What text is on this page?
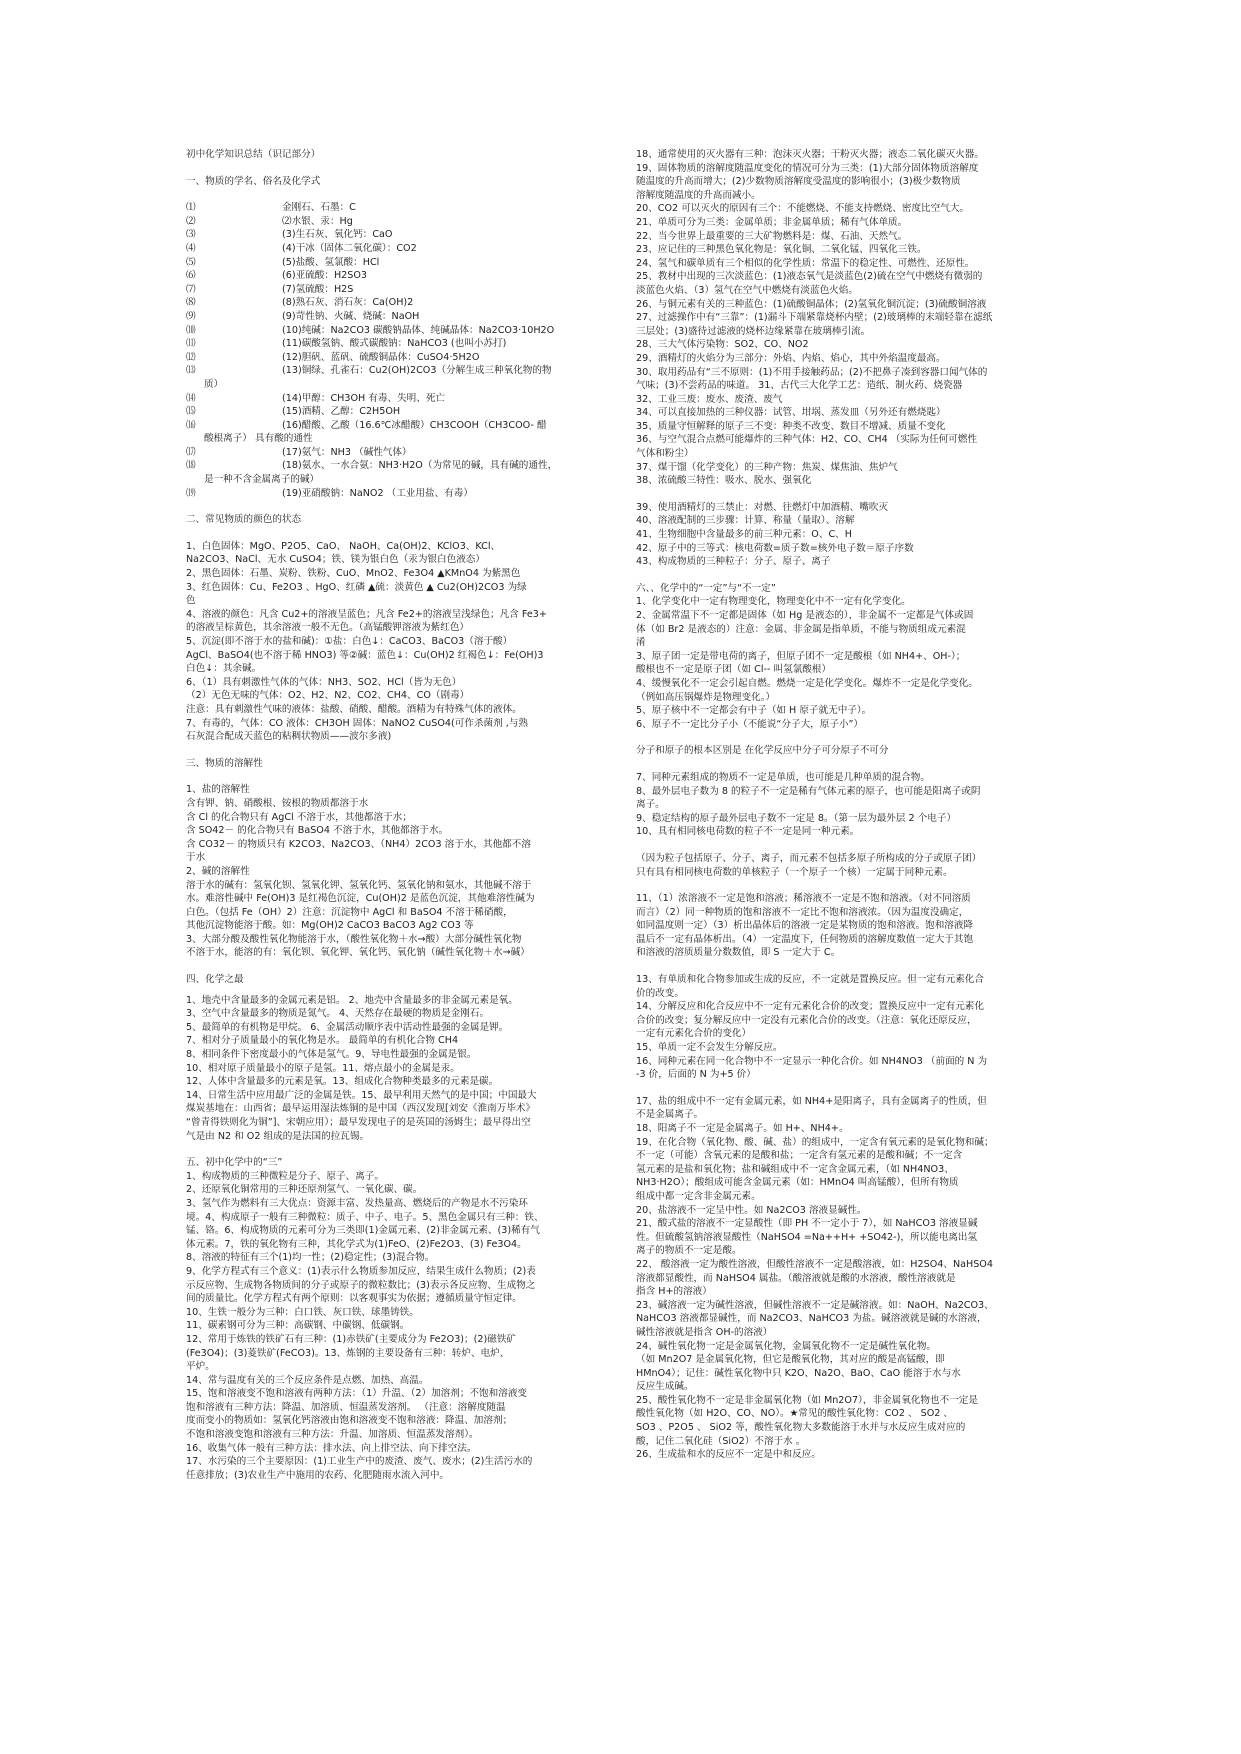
初中化学知识总结（识记部分）

一、物质的学名、俗名及化学式

⑴	金刚石、石墨：C
⑵	⑵水银、汞：Hg
⑶	(3)生石灰、氧化钙：CaO
⑷	(4)干冰（固体二氧化碳）：CO2
⑸	(5)盐酸、氢氯酸：HCl
⑹	(6)亚硫酸：H2SO3
⑺	(7)氢硫酸：H2S
⑻	(8)熟石灰、消石灰：Ca(OH)2
⑼	(9)苛性钠、火碱、烧碱：NaOH
⑽	(10)纯碱：Na2CO3 碳酸钠晶体、纯碱晶体：Na2CO3·10H2O
⑾	(11)碳酸氢钠、酸式碳酸钠：NaHCO3 (也叫小苏打)
⑿	(12)胆矾、蓝矾、硫酸铜晶体：CuSO4·5H2O
⒀	(13)铜绿、孔雀石：Cu2(OH)2CO3（分解生成三种氧化物的物

质）

⒁	(14)甲醇：CH3OH 有毒、失明、死亡
⒂	(15)酒精、乙醇：C2H5OH
⒃	(16)醋酸、乙酸（16.6℃冰醋酸）CH3COOH（CH3COO- 醋

酸根离子） 具有酸的通性

⒄	(17)氨气：NH3 （碱性气体）
⒅	(18)氨水、一水合氨：NH3·H2O（为常见的碱，具有碱的通性，

是一种不含金属离子的碱）

⒆	(19)亚硝酸钠：NaNO2 （工业用盐、有毒）

二、常见物质的颜色的状态

1、白色固体：MgO、P2O5、CaO、 NaOH、Ca(OH)2、KClO3、KCl、

Na2CO3、NaCl、无水 CuSO4；铁、镁为银白色（汞为银白色液态）

2、黑色固体：石墨、炭粉、铁粉、CuO、MnO2、Fe3O4 ▲KMnO4 为紫黑色

3、红色固体：Cu、Fe2O3 、HgO、红磷 ▲硫：淡黄色 ▲ Cu2(OH)2CO3 为绿

色

4、溶液的颜色：凡含 Cu2+的溶液呈蓝色；凡含 Fe2+的溶液呈浅绿色；凡含 Fe3+

的溶液呈棕黄色，其余溶液一般不无色。（高锰酸钾溶液为紫红色）

5、沉淀(即不溶于水的盐和碱)：①盐：白色↓：CaCO3、BaCO3（溶于酸）

AgCl、BaSO4(也不溶于稀 HNO3) 等②碱：蓝色↓：Cu(OH)2 红褐色↓：Fe(OH)3

白色↓：其余碱。

6、（1）具有刺激性气体的气体：NH3、SO2、HCl（皆为无色）

（2）无色无味的气体：O2、H2、N2、CO2、CH4、CO（剧毒）

注意：具有刺激性气味的液体：盐酸、硝酸、醋酸。酒精为有特殊气体的液体。

7、有毒的，气体：CO 液体：CH3OH 固体：NaNO2 CuSO4(可作杀菌剂 ,与熟

石灰混合配成天蓝色的粘稠状物质——波尔多液)

三、物质的溶解性

1、盐的溶解性

含有钾、钠、硝酸根、铵根的物质都溶于水

含 Cl 的化合物只有 AgCl 不溶于水，其他都溶于水；

含 SO42－ 的化合物只有 BaSO4 不溶于水，其他都溶于水。

含 CO32－ 的物质只有 K2CO3、Na2CO3、（NH4）2CO3 溶于水，其他都不溶

于水

2、碱的溶解性

溶于水的碱有：氢氧化钡、氢氧化钾、氢氧化钙、氢氧化钠和氨水，其他碱不溶于

水。难溶性碱中 Fe(OH)3 是红褐色沉淀，Cu(OH)2 是蓝色沉淀，其他难溶性碱为

白色。（包括 Fe（OH）2）注意：沉淀物中 AgCl 和 BaSO4 不溶于稀硝酸，

其他沉淀物能溶于酸。如：Mg(OH)2 CaCO3 BaCO3 Ag2 CO3 等

3、大部分酸及酸性氧化物能溶于水，（酸性氧化物＋水→酸）大部分碱性氧化物

不溶于水，能溶的有：氧化钡、氧化钾、氧化钙、氧化钠（碱性氧化物＋水→碱）

四、化学之最

1、地壳中含量最多的金属元素是铝。 2、地壳中含量最多的非金属元素是氧。

3、空气中含量最多的物质是氮气。 4、天然存在最硬的物质是金刚石。

5、最简单的有机物是甲烷。 6、金属活动顺序表中活动性最强的金属是钾。

7、相对分子质量最小的氧化物是水。 最简单的有机化合物 CH4

8、相同条件下密度最小的气体是氢气。9、导电性最强的金属是银。

10、相对原子质量最小的原子是氢。11、熔点最小的金属是汞。

12、人体中含量最多的元素是氧。13、组成化合物种类最多的元素是碳。

14、日常生活中应用最广泛的金属是铁。15、最早利用天然气的是中国；中国最大

煤炭基地在：山西省；最早运用湿法炼铜的是中国（西汉发现[刘安《淮南万毕术》

“曾青得铁则化为铜”]、宋朝应用）；最早发现电子的是英国的汤姆生；最早得出空

气是由 N2 和 O2 组成的是法国的拉瓦锡。

五、初中化学中的“三”

1、构成物质的三种微粒是分子、原子、离子。

2、还原氧化铜常用的三种还原剂氢气、一氧化碳、碳。

3、氢气作为燃料有三大优点：资源丰富、发热量高、燃烧后的产物是水不污染环

境。4、构成原子一般有三种微粒：质子、中子、电子。5、黑色金属只有三种：铁、

锰、铬。6、构成物质的元素可分为三类即(1)金属元素、(2)非金属元素、(3)稀有气

体元素。7，铁的氧化物有三种，其化学式为(1)FeO、(2)Fe2O3、(3) Fe3O4。

8、溶液的特征有三个(1)均一性；(2)稳定性；(3)混合物。

9、化学方程式有三个意义：(1)表示什么物质参加反应，结果生成什么物质；(2)表

示反应物、生成物各物质间的分子或原子的微粒数比；(3)表示各反应物、生成物之

间的质量比。化学方程式有两个原则：以客观事实为依据；遵循质量守恒定律。

10、生铁一般分为三种：白口铁、灰口铁、球墨铸铁。

11、碳素钢可分为三种：高碳钢、中碳钢、低碳钢。

12、常用于炼铁的铁矿石有三种：(1)赤铁矿(主要成分为 Fe2O3)；(2)磁铁矿

(Fe3O4)；(3)菱铁矿(FeCO3)。13、炼钢的主要设备有三种：转炉、电炉、

平炉。

14、常与温度有关的三个反应条件是点燃、加热、高温。

15、饱和溶液变不饱和溶液有两种方法：（1）升温、（2）加溶剂；不饱和溶液变

饱和溶液有三种方法：降温、加溶质、恒温蒸发溶剂。 （注意：溶解度随温

度而变小的物质如：氢氧化钙溶液由饱和溶液变不饱和溶液：降温、加溶剂；

不饱和溶液变饱和溶液有三种方法：升温、加溶质、恒温蒸发溶剂）。

16、收集气体一般有三种方法：排水法、向上排空法、向下排空法。

17、水污染的三个主要原因：(1)工业生产中的废渣、废气、废水；(2)生活污水的

任意排放；(3)农业生产中施用的农药、化肥随雨水流入河中。

18、通常使用的灭火器有三种：泡沫灭火器；干粉灭火器；液态二氧化碳灭火器。

19、固体物质的溶解度随温度变化的情况可分为三类：(1)大部分固体物质溶解度

随温度的升高而增大；(2)少数物质溶解度受温度的影响很小；(3)极少数物质

溶解度随温度的升高而减小。

20、CO2 可以灭火的原因有三个：不能燃烧、不能支持燃烧、密度比空气大。

21、单质可分为三类：金属单质；非金属单质；稀有气体单质。

22、当今世界上最重要的三大矿物燃料是：煤、石油、天然气。

23、应记住的三种黑色氧化物是：氧化铜、二氧化锰、四氧化三铁。

24、氢气和碳单质有三个相似的化学性质：常温下的稳定性、可燃性、还原性。

25、教材中出现的三次淡蓝色：(1)液态氧气是淡蓝色(2)硫在空气中燃烧有微弱的

淡蓝色火焰、（3）氢气在空气中燃烧有淡蓝色火焰。

26、与铜元素有关的三种蓝色：(1)硫酸铜晶体；(2)氢氧化铜沉淀；(3)硫酸铜溶液

27、过滤操作中有“三靠”：(1)漏斗下端紧靠烧杯内壁；(2)玻璃棒的末端轻靠在滤纸

三层处；(3)盛待过滤液的烧杯边缘紧靠在玻璃棒引流。

28、三大气体污染物：SO2、CO、NO2

29、酒精灯的火焰分为三部分：外焰、内焰、焰心，其中外焰温度最高。

30、取用药品有“三不原则：(1)不用手接触药品；(2)不把鼻子凑到容器口闻气体的

气味；(3)不尝药品的味道。 31、古代三大化学工艺：造纸、制火药、烧瓷器

32、工业三废：废水、废渣、废气

34、可以直接加热的三种仪器：试管、坩埚、蒸发皿（另外还有燃烧匙）

35、质量守恒解释的原子三不变：种类不改变、数目不增减、质量不变化

36、与空气混合点燃可能爆炸的三种气体：H2、CO、CH4 （实际为任何可燃性

气体和粉尘）

37、煤干馏（化学变化）的三种产物：焦炭、煤焦油、焦炉气

38、浓硫酸三特性：吸水、脱水、强氧化

39、使用酒精灯的三禁止：对燃、往燃灯中加酒精、嘴吹灭

40、溶液配制的三步骤：计算、称量（量取）、溶解

41、生物细胞中含量最多的前三种元素：O、C、H

42、原子中的三等式：核电荷数=质子数=核外电子数＝原子序数

43、构成物质的三种粒子：分子、原子、离子

六、、化学中的“一定”与“不一定”

1、化学变化中一定有物理变化，物理变化中不一定有化学变化。

2、金属常温下不一定都是固体（如 Hg 是液态的），非金属不一定都是气体或固

体（如 Br2 是液态的）注意：金属、非金属是指单质，不能与物质组成元素混

淆

3、原子团一定是带电荷的离子，但原子团不一定是酸根（如 NH4+、OH-）；

酸根也不一定是原子团（如 Cl-- 叫氢氯酸根）

4、缓慢氧化不一定会引起自燃。燃烧一定是化学变化。爆炸不一定是化学变化。

（例如高压锅爆炸是物理变化。）

5、原子核中不一定都会有中子（如 H 原子就无中子）。

6、原子不一定比分子小（不能说“分子大，原子小”）

分子和原子的根本区别是 在化学反应中分子可分原子不可分

7、同种元素组成的物质不一定是单质，也可能是几种单质的混合物。

8、最外层电子数为 8 的粒子不一定是稀有气体元素的原子，也可能是阳离子或阴

离子。

9、稳定结构的原子最外层电子数不一定是 8。（第一层为最外层 2 个电子）

10、具有相同核电荷数的粒子不一定是同一种元素。

（因为粒子包括原子、分子、离子，而元素不包括多原子所构成的分子或原子团）

只有具有相同核电荷数的单核粒子（一个原子一个核）一定属于同种元素。

11、（1）浓溶液不一定是饱和溶液；稀溶液不一定是不饱和溶液。（对不同溶质

而言）（2）同一种物质的饱和溶液不一定比不饱和溶液浓。（因为温度没确定，

如同温度则一定）（3）析出晶体后的溶液一定是某物质的饱和溶液。饱和溶液降

温后不一定有晶体析出。（4）一定温度下，任何物质的溶解度数值一定大于其饱

和溶液的溶质质量分数数值，即 S 一定大于 C。

13、有单质和化合物参加或生成的反应，不一定就是置换反应。但一定有元素化合

价的改变。

14、分解反应和化合反应中不一定有元素化合价的改变；置换反应中一定有元素化

合价的改变；复分解反应中一定没有元素化合价的改变。（注意：氧化还原反应，

一定有元素化合价的变化）

15、单质一定不会发生分解反应。

16、同种元素在同一化合物中不一定显示一种化合价。如 NH4NO3 （前面的 N 为

-3 价，后面的 N 为+5 价）

17、盐的组成中不一定有金属元素，如 NH4+是阳离子，具有金属离子的性质，但

不是金属离子。

18、阳离子不一定是金属离子。如 H+、NH4+。

19、在化合物（氧化物、酸、碱、盐）的组成中，一定含有氧元素的是氧化物和碱；

不一定（可能）含氧元素的是酸和盐；一定含有氢元素的是酸和碱；不一定含

氢元素的是盐和氧化物；盐和碱组成中不一定含金属元素，（如 NH4NO3、

NH3·H2O）；酸组成可能含金属元素（如：HMnO4 叫高锰酸），但所有物质

组成中都一定含非金属元素。

20、盐溶液不一定呈中性。如 Na2CO3 溶液显碱性。

21、酸式盐的溶液不一定显酸性（即 PH 不一定小于 7），如 NaHCO3 溶液显碱

性。但硫酸氢钠溶液显酸性（NaHSO4 =Na++H+ +SO42-)，所以能电离出氢

离子的物质不一定是酸。

22、 酸溶液一定为酸性溶液，但酸性溶液不一定是酸溶液，如：H2SO4、NaHSO4

溶液都显酸性，而 NaHSO4 属盐。（酸溶液就是酸的水溶液，酸性溶液就是

指含 H+的溶液）

23、碱溶液一定为碱性溶液，但碱性溶液不一定是碱溶液。如：NaOH、Na2CO3、

NaHCO3 溶液都显碱性，而 Na2CO3、NaHCO3 为盐。碱溶液就是碱的水溶液，

碱性溶液就是指含 OH-的溶液）

24、碱性氧化物一定是金属氧化物，金属氧化物不一定是碱性氧化物。

（如 Mn2O7 是金属氧化物，但它是酸氧化物，其对应的酸是高锰酸，即

HMnO4）；记住：碱性氧化物中只 K2O、Na2O、BaO、CaO 能溶于水与水

反应生成碱。

25、酸性氧化物不一定是非金属氧化物（如 Mn2O7），非金属氧化物也不一定是

酸性氧化物（如 H2O、CO、NO）。★常见的酸性氧化物：CO2 、 SO2 、

SO3 、P2O5 、 SiO2 等，酸性氧化物大多数能溶于水并与水反应生成对应的

酸，记住二氧化硅（SiO2）不溶于水 。

26、生成盐和水的反应不一定是中和反应。
